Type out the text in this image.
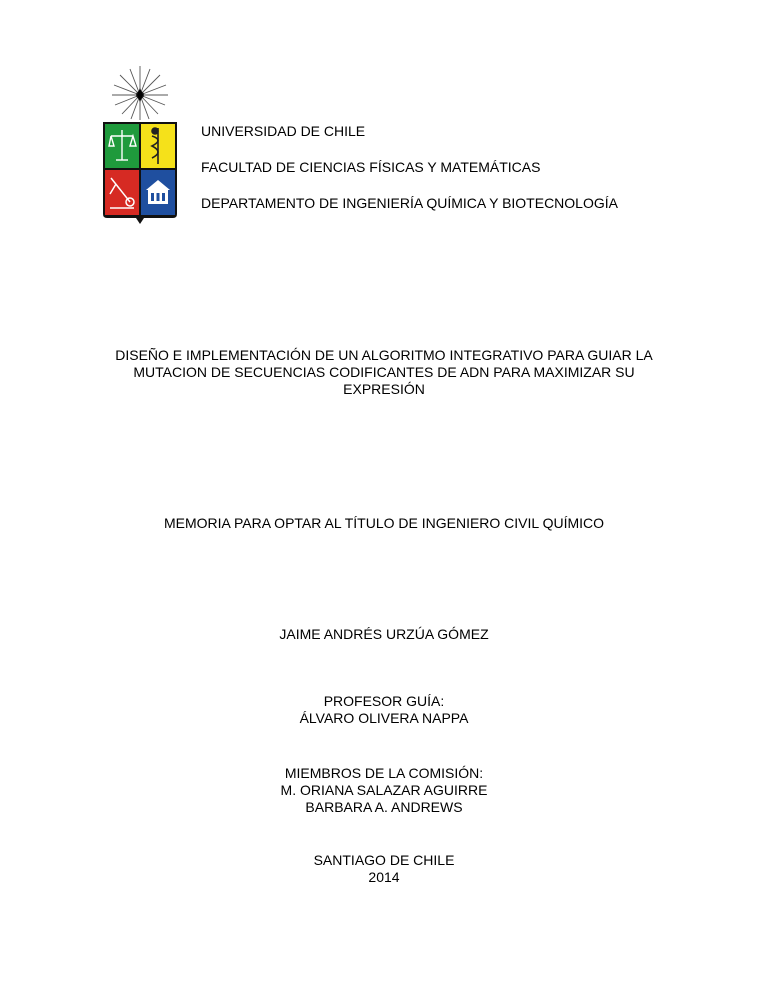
UNIVERSIDAD DE CHILE
FACULTAD DE CIENCIAS FÍSICAS Y MATEMÁTICAS
DEPARTAMENTO DE INGENIERÍA QUÍMICA Y BIOTECNOLOGÍA
DISEÑO E IMPLEMENTACIÓN DE UN ALGORITMO INTEGRATIVO PARA GUIAR LA
MUTACION DE SECUENCIAS CODIFICANTES DE ADN PARA MAXIMIZAR SU
EXPRESIÓN
MEMORIA PARA OPTAR AL TÍTULO DE INGENIERO CIVIL QUÍMICO
JAIME ANDRÉS URZÚA GÓMEZ
PROFESOR GUÍA:
ÁLVARO OLIVERA NAPPA
MIEMBROS DE LA COMISIÓN:
M. ORIANA SALAZAR AGUIRRE
BARBARA A. ANDREWS
SANTIAGO DE CHILE
2014
